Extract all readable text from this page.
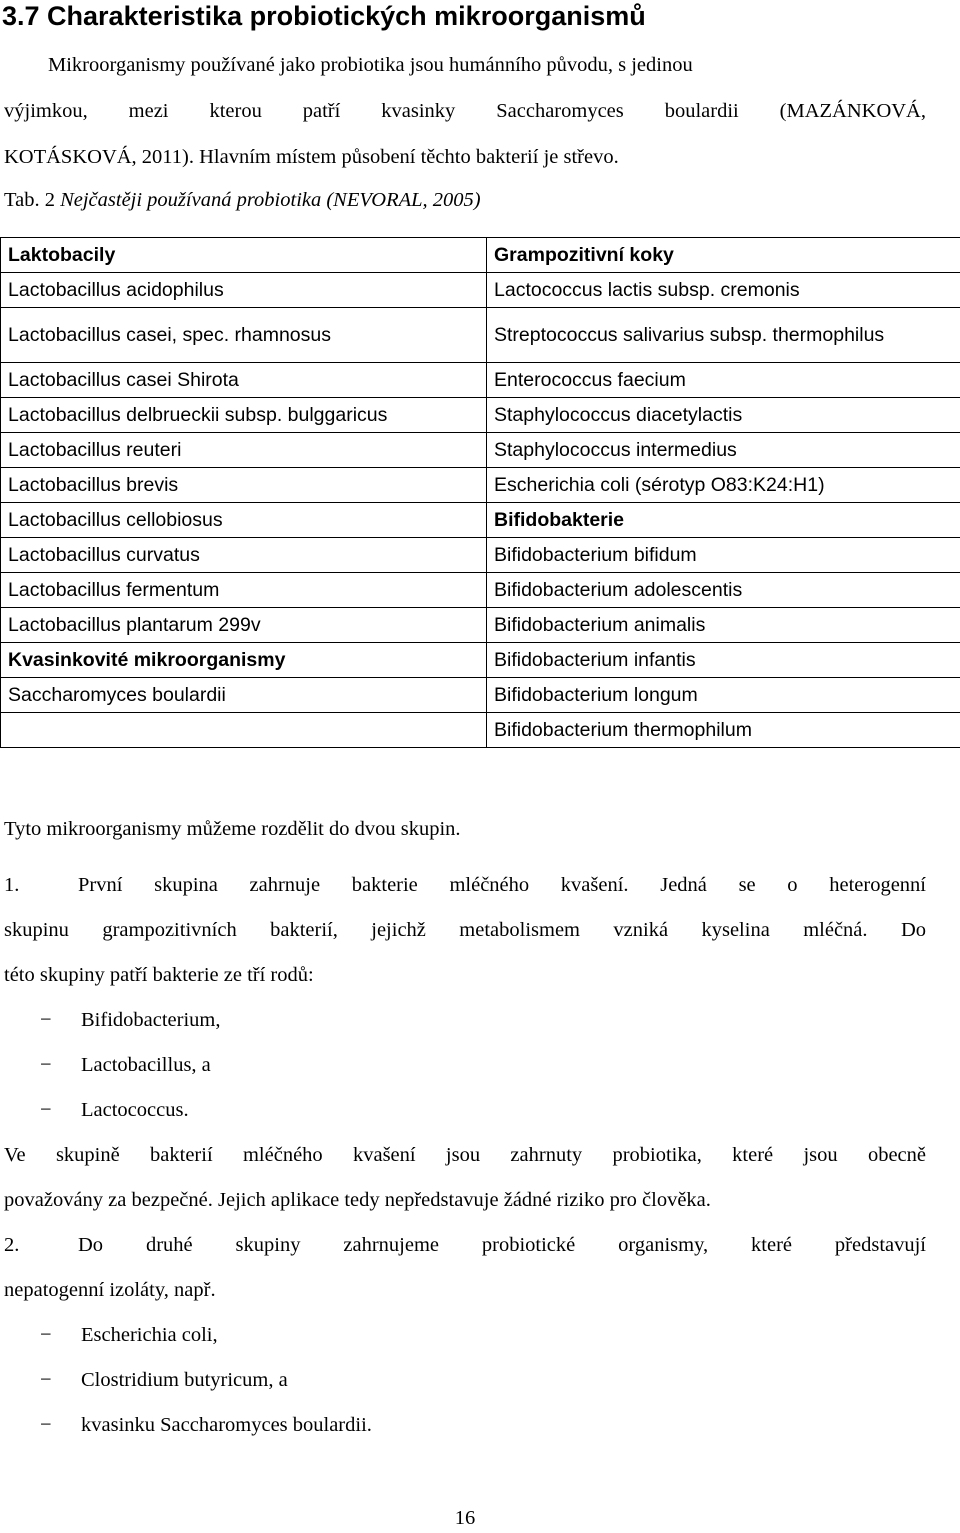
3.7 Charakteristika probiotických mikroorganismů

Mikroorganismy používané jako probiotika jsou humánního původu, s jedinou

výjimkou, mezi kterou patří kvasinky Saccharomyces boulardii (MAZÁNKOVÁ,

KOTÁSKOVÁ, 2011). Hlavním místem působení těchto bakterií je střevo.

Tab. 2 Nejčastěji používaná probiotika (NEVORAL, 2005)

Laktobacily	Grampozitivní koky
Lactobacillus acidophilus	Lactococcus lactis subsp. cremonis
Lactobacillus casei, spec. rhamnosus	Streptococcus salivarius subsp. thermophilus
Lactobacillus casei Shirota	Enterococcus faecium
Lactobacillus delbrueckii subsp. bulggaricus	Staphylococcus diacetylactis
Lactobacillus reuteri	Staphylococcus intermedius
Lactobacillus brevis	Escherichia coli (sérotyp O83:K24:H1)
Lactobacillus cellobiosus	Bifidobakterie
Lactobacillus curvatus	Bifidobacterium bifidum
Lactobacillus fermentum	Bifidobacterium adolescentis
Lactobacillus plantarum 299v	Bifidobacterium animalis
Kvasinkovité mikroorganismy	Bifidobacterium infantis
Saccharomyces boulardii	Bifidobacterium longum
	Bifidobacterium thermophilum

Tyto mikroorganismy můžeme rozdělit do dvou skupin.

1.	První skupina zahrnuje bakterie mléčného kvašení. Jedná se o heterogenní

skupinu grampozitivních bakterií, jejichž metabolismem vzniká kyselina mléčná. Do

této skupiny patří bakterie ze tří rodů:

− Bifidobacterium,

− Lactobacillus, a

− Lactococcus.

Ve skupině bakterií mléčného kvašení jsou zahrnuty probiotika, které jsou obecně

považovány za bezpečné. Jejich aplikace tedy nepředstavuje žádné riziko pro člověka.

2.	Do druhé skupiny zahrnujeme probiotické organismy, které představují

nepatogenní izoláty, např.

− Escherichia coli,

− Clostridium butyricum, a

− kvasinku Saccharomyces boulardii.

16
